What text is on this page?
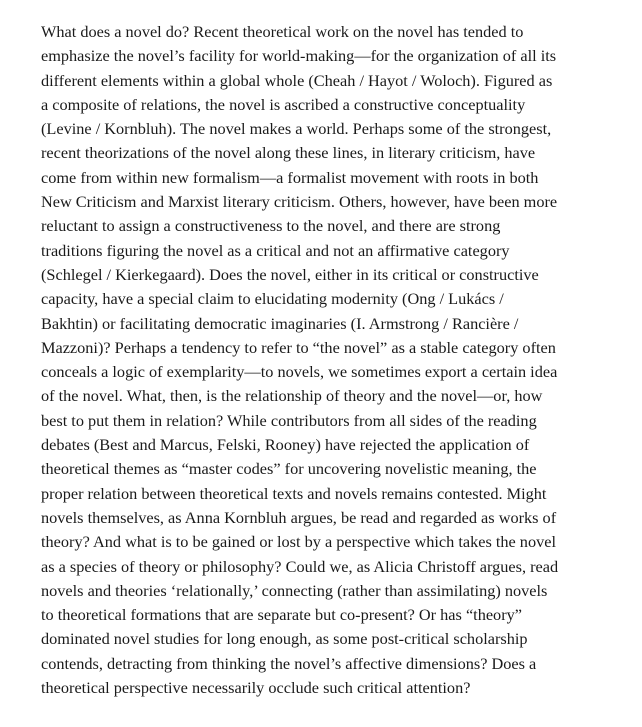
What does a novel do? Recent theoretical work on the novel has tended to
emphasize the novel’s facility for world-making—for the organization of all its
different elements within a global whole (Cheah / Hayot / Woloch). Figured as
a composite of relations, the novel is ascribed a constructive conceptuality
(Levine / Kornbluh). The novel makes a world. Perhaps some of the strongest,
recent theorizations of the novel along these lines, in literary criticism, have
come from within new formalism—a formalist movement with roots in both
New Criticism and Marxist literary criticism. Others, however, have been more
reluctant to assign a constructiveness to the novel, and there are strong
traditions figuring the novel as a critical and not an affirmative category
(Schlegel / Kierkegaard). Does the novel, either in its critical or constructive
capacity, have a special claim to elucidating modernity (Ong / Lukács /
Bakhtin) or facilitating democratic imaginaries (I. Armstrong / Rancière /
Mazzoni)? Perhaps a tendency to refer to “the novel” as a stable category often
conceals a logic of exemplarity—to novels, we sometimes export a certain idea
of the novel. What, then, is the relationship of theory and the novel—or, how
best to put them in relation? While contributors from all sides of the reading
debates (Best and Marcus, Felski, Rooney) have rejected the application of
theoretical themes as “master codes” for uncovering novelistic meaning, the
proper relation between theoretical texts and novels remains contested. Might
novels themselves, as Anna Kornbluh argues, be read and regarded as works of
theory? And what is to be gained or lost by a perspective which takes the novel
as a species of theory or philosophy? Could we, as Alicia Christoff argues, read
novels and theories ‘relationally,’ connecting (rather than assimilating) novels
to theoretical formations that are separate but co-present? Or has “theory”
dominated novel studies for long enough, as some post-critical scholarship
contends, detracting from thinking the novel’s affective dimensions? Does a
theoretical perspective necessarily occlude such critical attention?
